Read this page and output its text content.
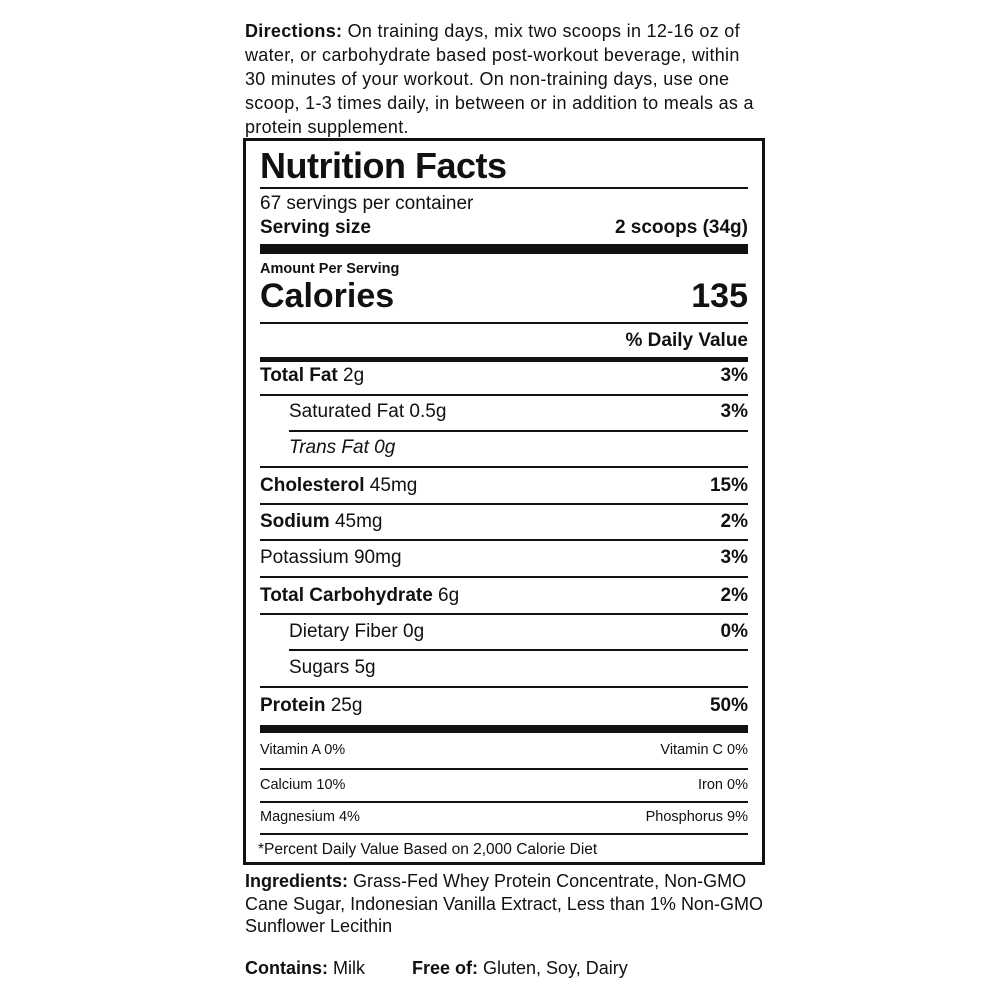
Directions: On training days, mix two scoops in 12-16 oz of water, or carbohydrate based post-workout beverage, within 30 minutes of your workout. On non-training days, use one scoop, 1-3 times daily, in between or in addition to meals as a protein supplement.
Nutrition Facts
67 servings per container
Serving size	2 scoops (34g)
Amount Per Serving
Calories	135
% Daily Value
Total Fat 2g	3%
Saturated Fat 0.5g	3%
Trans Fat 0g
Cholesterol 45mg	15%
Sodium 45mg	2%
Potassium 90mg	3%
Total Carbohydrate 6g	2%
Dietary Fiber 0g	0%
Sugars 5g
Protein 25g	50%
Vitamin A 0%	Vitamin C 0%
Calcium 10%	Iron 0%
Magnesium 4%	Phosphorus 9%
*Percent Daily Value Based on 2,000 Calorie Diet
Ingredients: Grass-Fed Whey Protein Concentrate, Non-GMO Cane Sugar, Indonesian Vanilla Extract, Less than 1% Non-GMO Sunflower Lecithin
Contains: Milk	Free of: Gluten, Soy, Dairy
